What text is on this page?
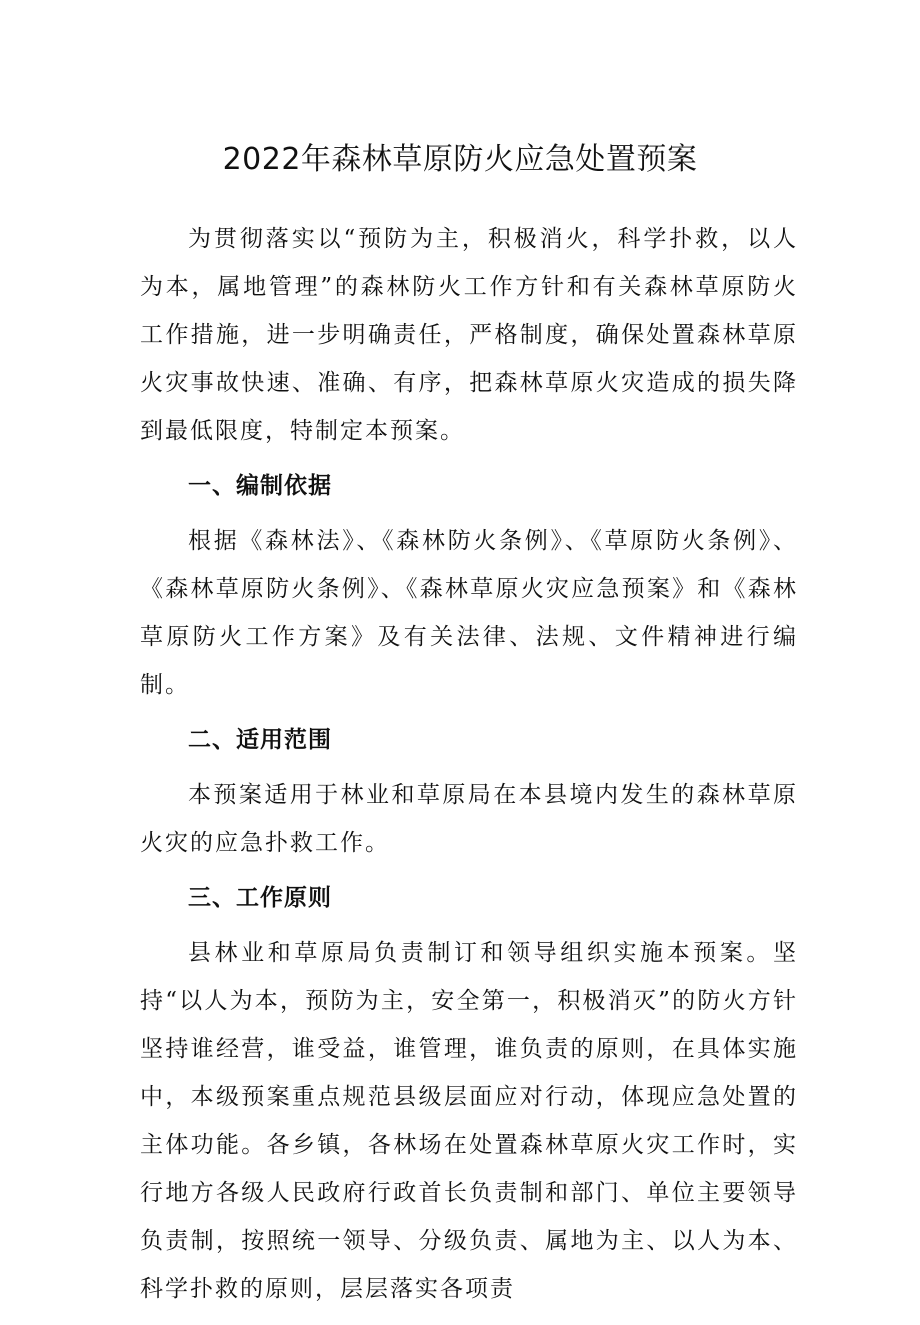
2022年森林草原防火应急处置预案

为贯彻落实以“预防为主，积极消火，科学扑救，以人为本，属地管理”的森林防火工作方针和有关森林草原防火工作措施，进一步明确责任，严格制度，确保处置森林草原火灾事故快速、准确、有序，把森林草原火灾造成的损失降到最低限度，特制定本预案。

一、编制依据

根据《森林法》、《森林防火条例》、《草原防火条例》、《森林草原防火条例》、《森林草原火灾应急预案》和《森林草原防火工作方案》及有关法律、法规、文件精神进行编制。

二、适用范围

本预案适用于林业和草原局在本县境内发生的森林草原火灾的应急扑救工作。

三、工作原则

县林业和草原局负责制订和领导组织实施本预案。坚持“以人为本，预防为主，安全第一，积极消灭”的防火方针坚持谁经营，谁受益，谁管理，谁负责的原则，在具体实施中，本级预案重点规范县级层面应对行动，体现应急处置的主体功能。各乡镇，各林场在处置森林草原火灾工作时，实行地方各级人民政府行政首长负责制和部门、单位主要领导负责制，按照统一领导、分级负责、属地为主、以人为本、科学扑救的原则，层层落实各项责
